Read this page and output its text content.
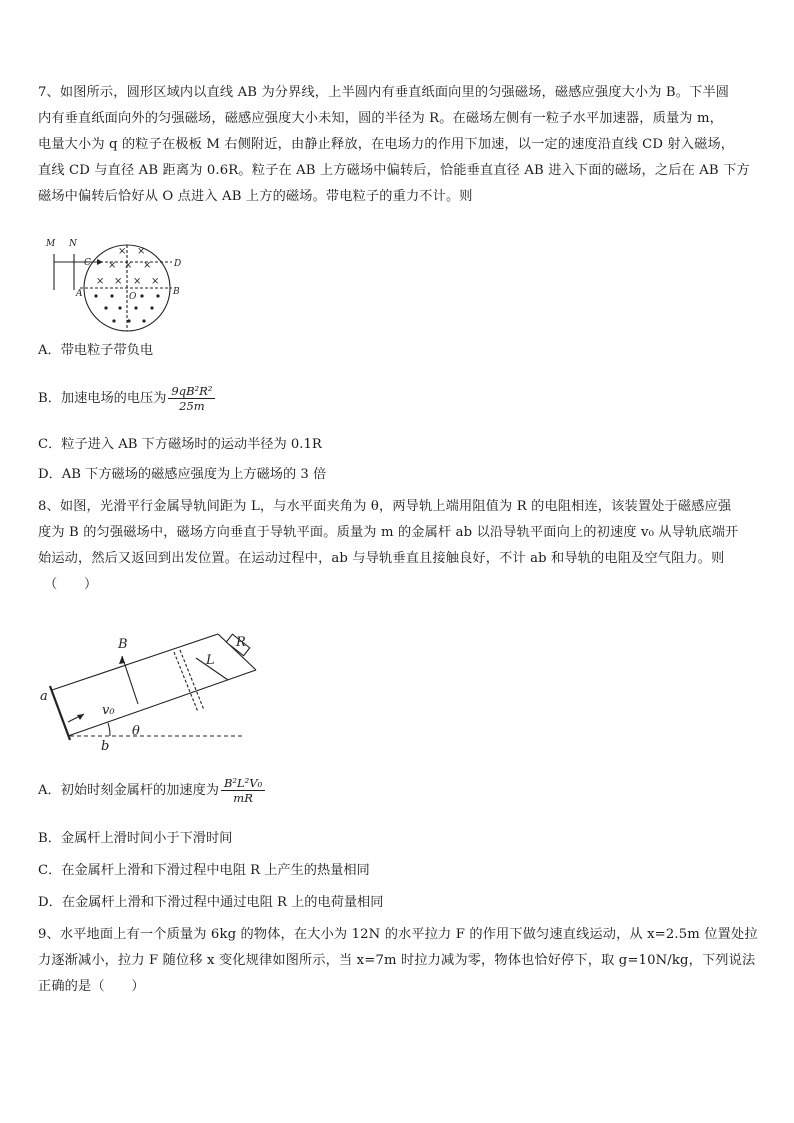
7、如图所示，圆形区域内以直线 AB 为分界线，上半圆内有垂直纸面向里的匀强磁场，磁感应强度大小为 B。下半圆
内有垂直纸面向外的匀强磁场，磁感应强度大小未知，圆的半径为 R。在磁场左侧有一粒子水平加速器，质量为 m，
电量大小为 q 的粒子在极板 M 右侧附近，由静止释放，在电场力的作用下加速，以一定的速度沿直线 CD 射入磁场，
直线 CD 与直径 AB 距离为 0.6R。粒子在 AB 上方磁场中偏转后，恰能垂直直径 AB 进入下面的磁场，之后在 AB 下方
磁场中偏转后恰好从 O 点进入 AB 上方的磁场。带电粒子的重力不计。则
M N
C	D
A	B
O
× ×
× × ×
× × × ×
A．带电粒子带负电
B．加速电场的电压为 $\frac{\text{9qB²R²}}{25m}$
C．粒子进入 AB 下方磁场时的运动半径为 0.1R
D．AB 下方磁场的磁感应强度为上方磁场的 3 倍
8、如图，光滑平行金属导轨间距为 L，与水平面夹角为 θ，两导轨上端用阻值为 R 的电阻相连，该装置处于磁感应强
度为 B 的匀强磁场中，磁场方向垂直于导轨平面。质量为 m 的金属杆 ab 以沿导轨平面向上的初速度 v₀ 从导轨底端开
始运动，然后又返回到出发位置。在运动过程中，ab 与导轨垂直且接触良好，不计 ab 和导轨的电阻及空气阻力。则
（　　）
B	R
L
a
v₀
b
θ
A．初始时刻金属杆的加速度为 $\frac{\text{B²L²V₀}}{mR}$
B．金属杆上滑时间小于下滑时间
C．在金属杆上滑和下滑过程中电阻 R 上产生的热量相同
D．在金属杆上滑和下滑过程中通过电阻 R 上的电荷量相同
9、水平地面上有一个质量为 6kg 的物体，在大小为 12N 的水平拉力 F 的作用下做匀速直线运动，从 x=2.5m 位置处拉
力逐渐减小，拉力 F 随位移 x 变化规律如图所示，当 x=7m 时拉力减为零，物体也恰好停下，取 g=10N/kg，下列说法
正确的是（　　）
